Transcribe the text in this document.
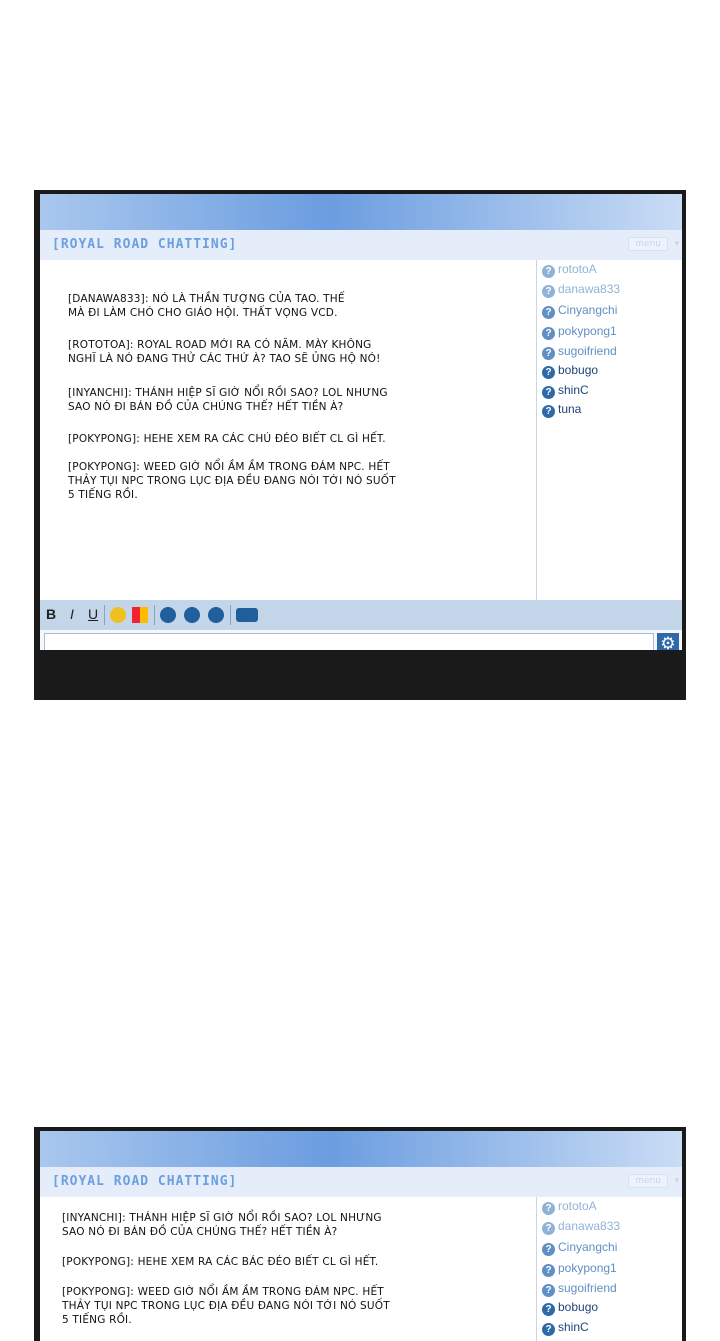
[ROYAL ROAD CHATTING]	menu	▾
[DANAWA833]: NÓ LÀ THẦN TƯỢNG CỦA TAO. THẾ
MÀ ĐI LÀM CHÓ CHO GIÁO HỘI. THẤT VỌNG VCD.
[ROTOTOA]: ROYAL ROAD MỚI RA CÓ NĂM. MÀY KHÔNG
NGHĨ LÀ NÓ ĐANG THỬ CÁC THỨ À? TAO SẼ ỦNG HỘ NÓ!
[INYANCHI]: THÁNH HIỆP SĨ GIỜ NỔI RỒI SAO? LOL NHƯNG
SAO NÓ ĐI BÁN ĐỒ CỦA CHÚNG THẾ? HẾT TIỀN À?
[POKYPONG]: HEHE XEM RA CÁC CHÚ ĐÉO BIẾT CL GÌ HẾT.
[POKYPONG]: WEED GIỜ NỔI ẦM ẦM TRONG ĐÁM NPC. HẾT
THẢY TỤI NPC TRONG LỤC ĐỊA ĐỀU ĐANG NÓI TỚI NÓ SUỐT
5 TIẾNG RỒI.
? rototoA
? danawa833
? Cinyangchi
? pokypong1
? sugoifriend
? bobugo
? shinC
? tuna
B I U
⚙
[ROYAL ROAD CHATTING]	menu	▾
[INYANCHI]: THÁNH HIỆP SĨ GIỜ NỔI RỒI SAO? LOL NHƯNG
SAO NÓ ĐI BÁN ĐỒ CỦA CHÚNG THẾ? HẾT TIỀN À?
[POKYPONG]: HEHE XEM RA CÁC BÁC ĐÉO BIẾT CL GÌ HẾT.
[POKYPONG]: WEED GIỜ NỔI ẦM ẦM TRONG ĐÁM NPC. HẾT
THẢY TỤI NPC TRONG LỤC ĐỊA ĐỀU ĐANG NÓI TỚI NÓ SUỐT
5 TIẾNG RỒI.
? rototoA
? danawa833
? Cinyangchi
? pokypong1
? sugoifriend
? bobugo
? shinC
